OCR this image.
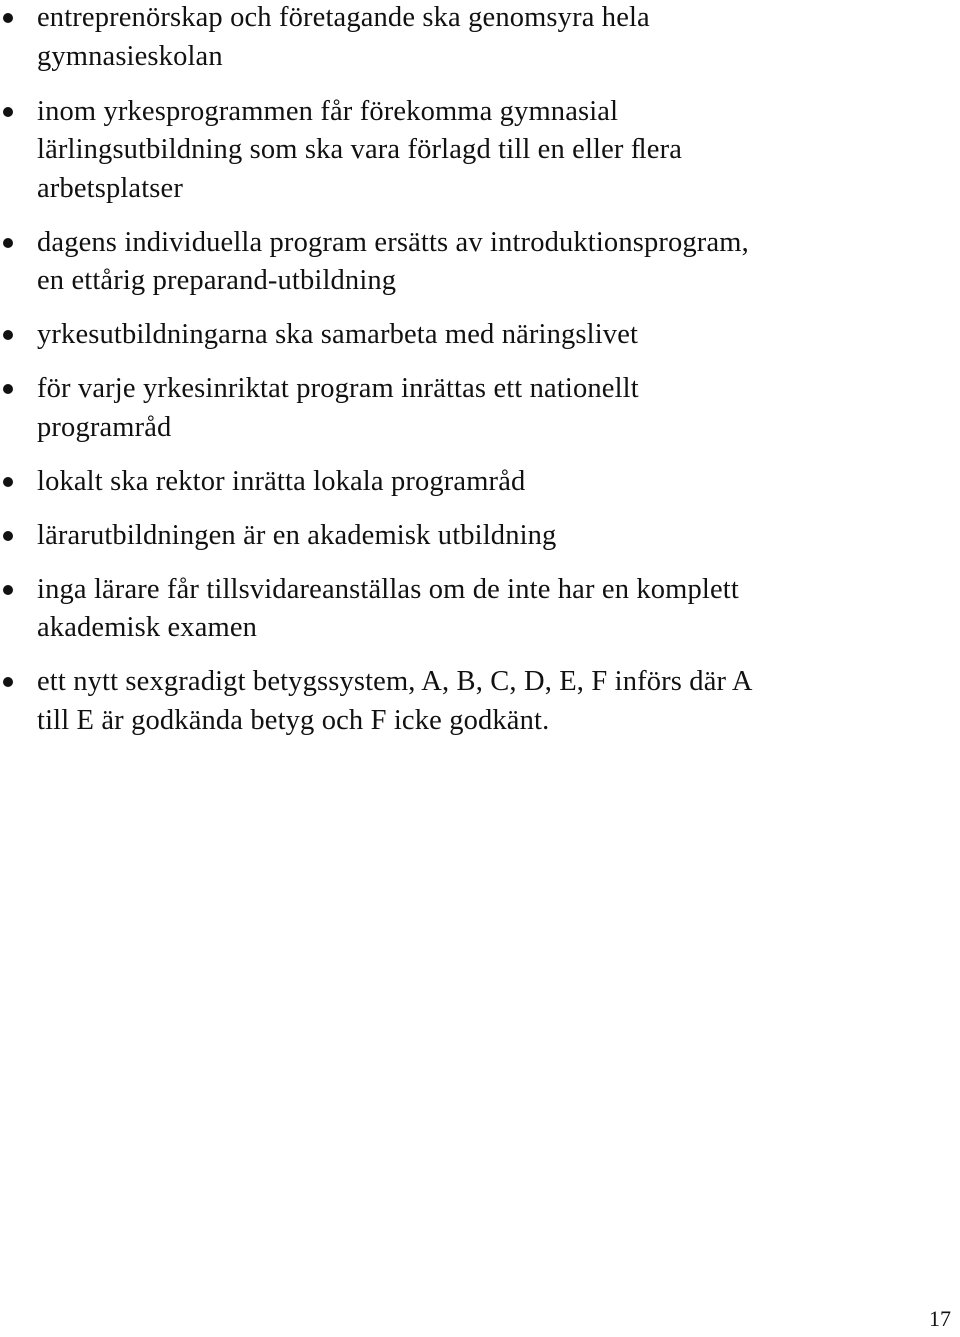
entreprenörskap och företagande ska genomsyra hela
gymnasieskolan
inom yrkesprogrammen får förekomma gymnasial
lärlingsutbildning som ska vara förlagd till en eller ﬂera
arbetsplatser
dagens individuella program ersätts av introduktionsprogram,
en ettårig preparand-utbildning
yrkesutbildningarna ska samarbeta med näringslivet
för varje yrkesinriktat program inrättas ett nationellt
programråd
lokalt ska rektor inrätta lokala programråd
lärarutbildningen är en akademisk utbildning
inga lärare får tillsvidareanställas om de inte har en komplett
akademisk examen
ett nytt sexgradigt betygssystem, A, B, C, D, E, F införs där A
till E är godkända betyg och F icke godkänt.
17
